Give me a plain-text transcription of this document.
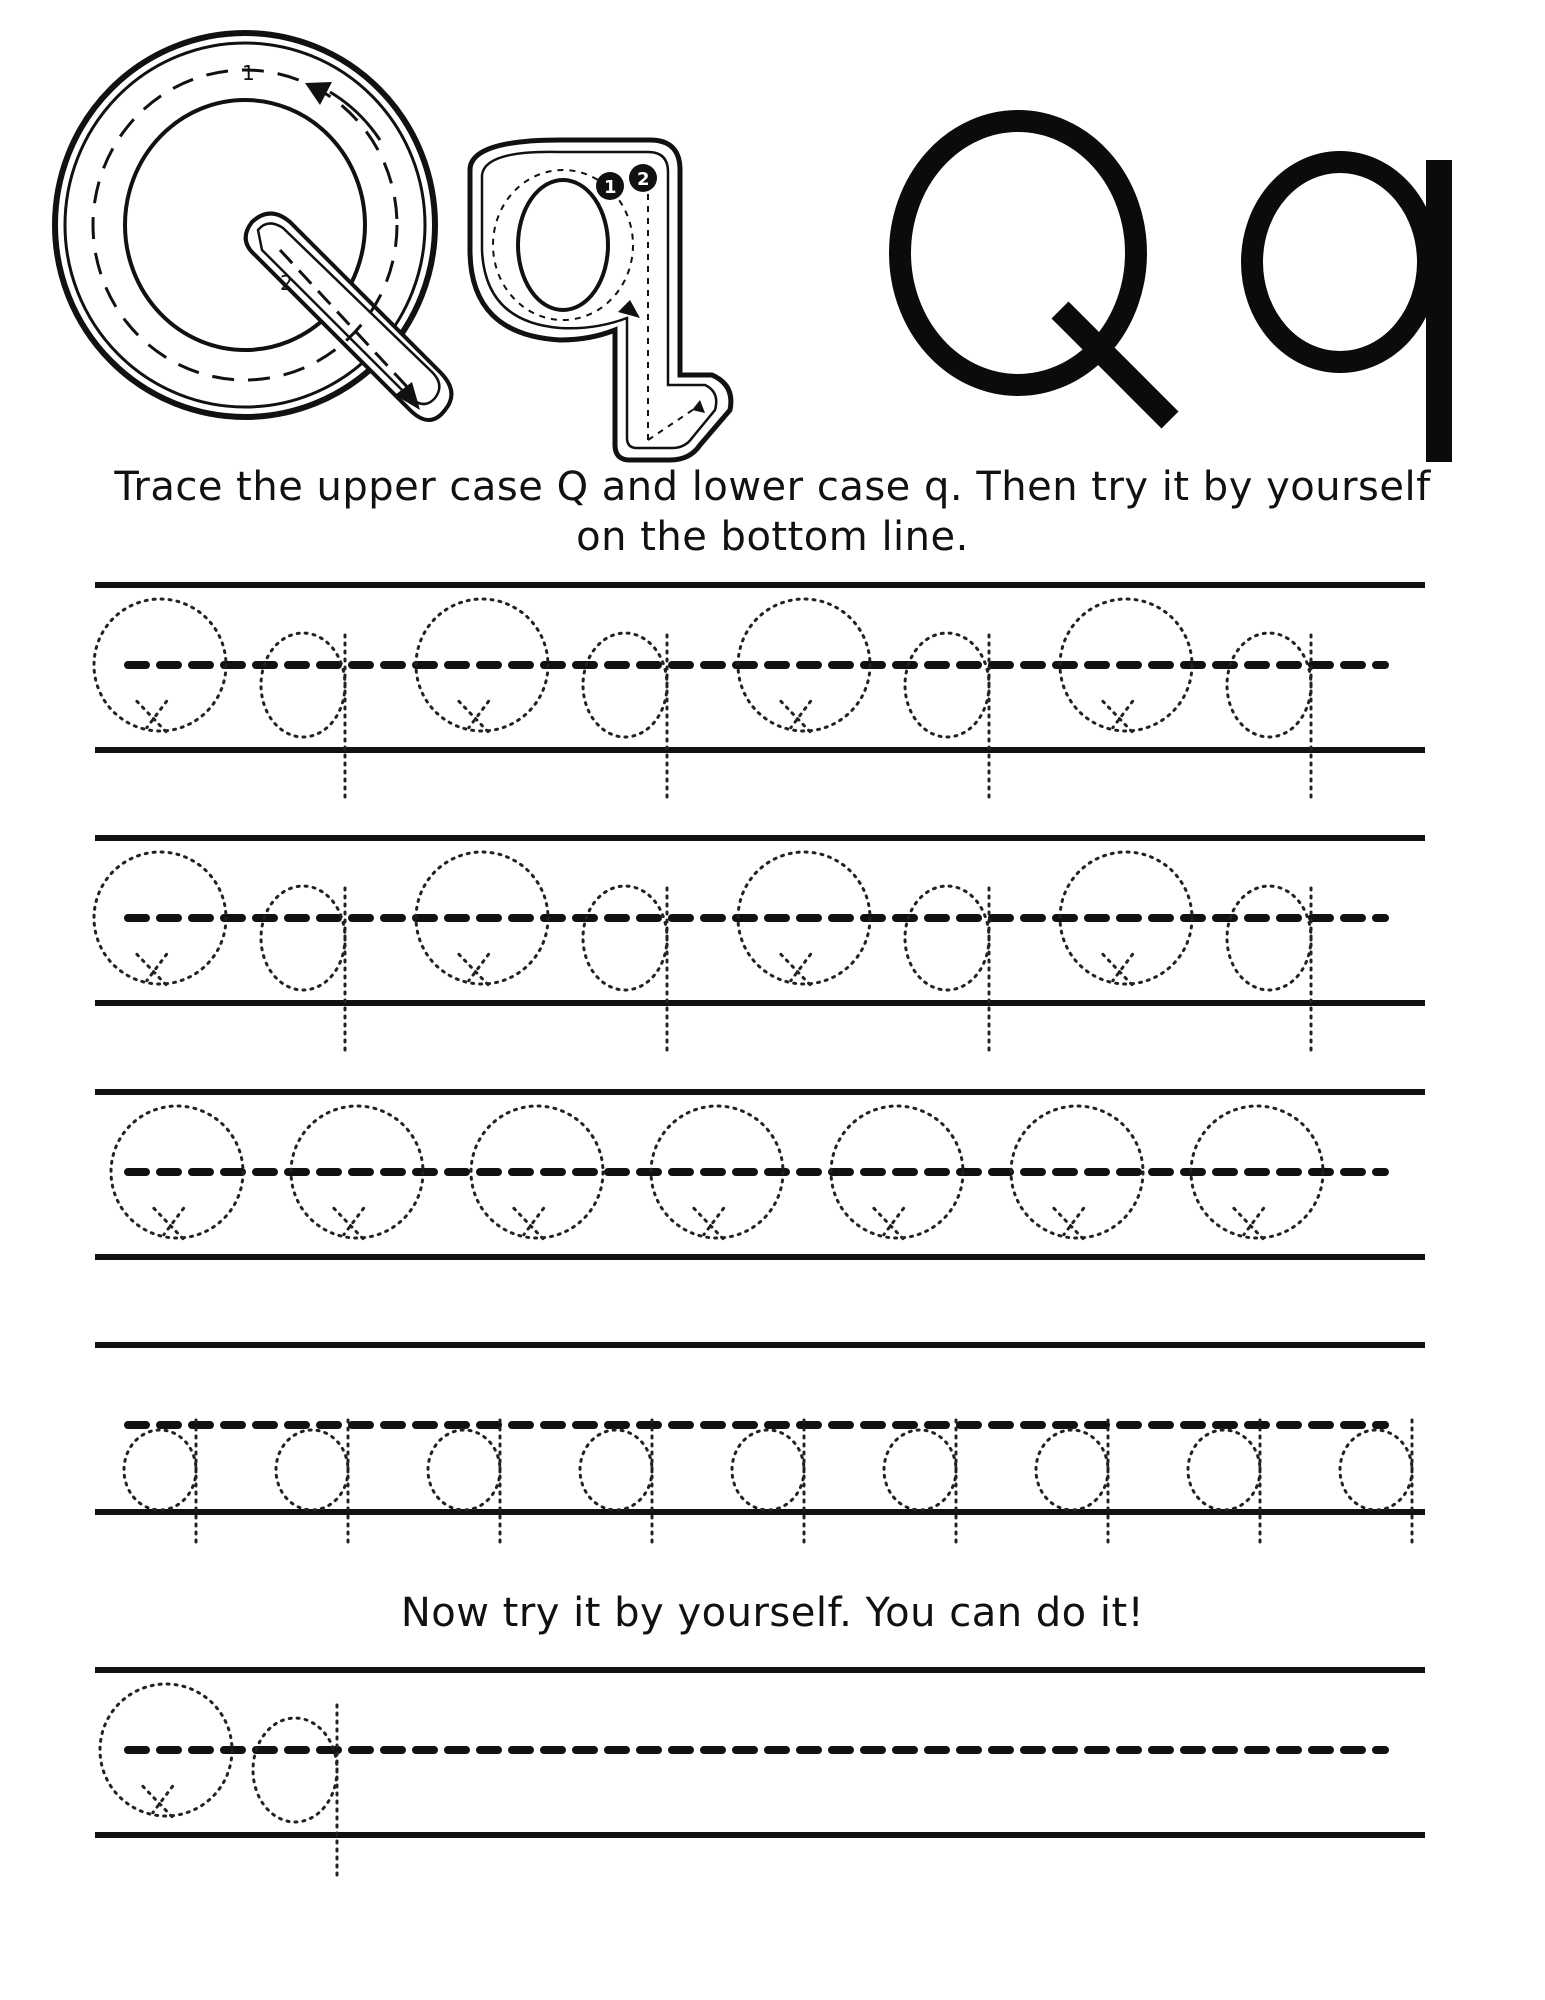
1
2
1 2
Trace the upper case Q and lower case q. Then try it by yourself
on the bottom line.
Now try it by yourself. You can do it!
